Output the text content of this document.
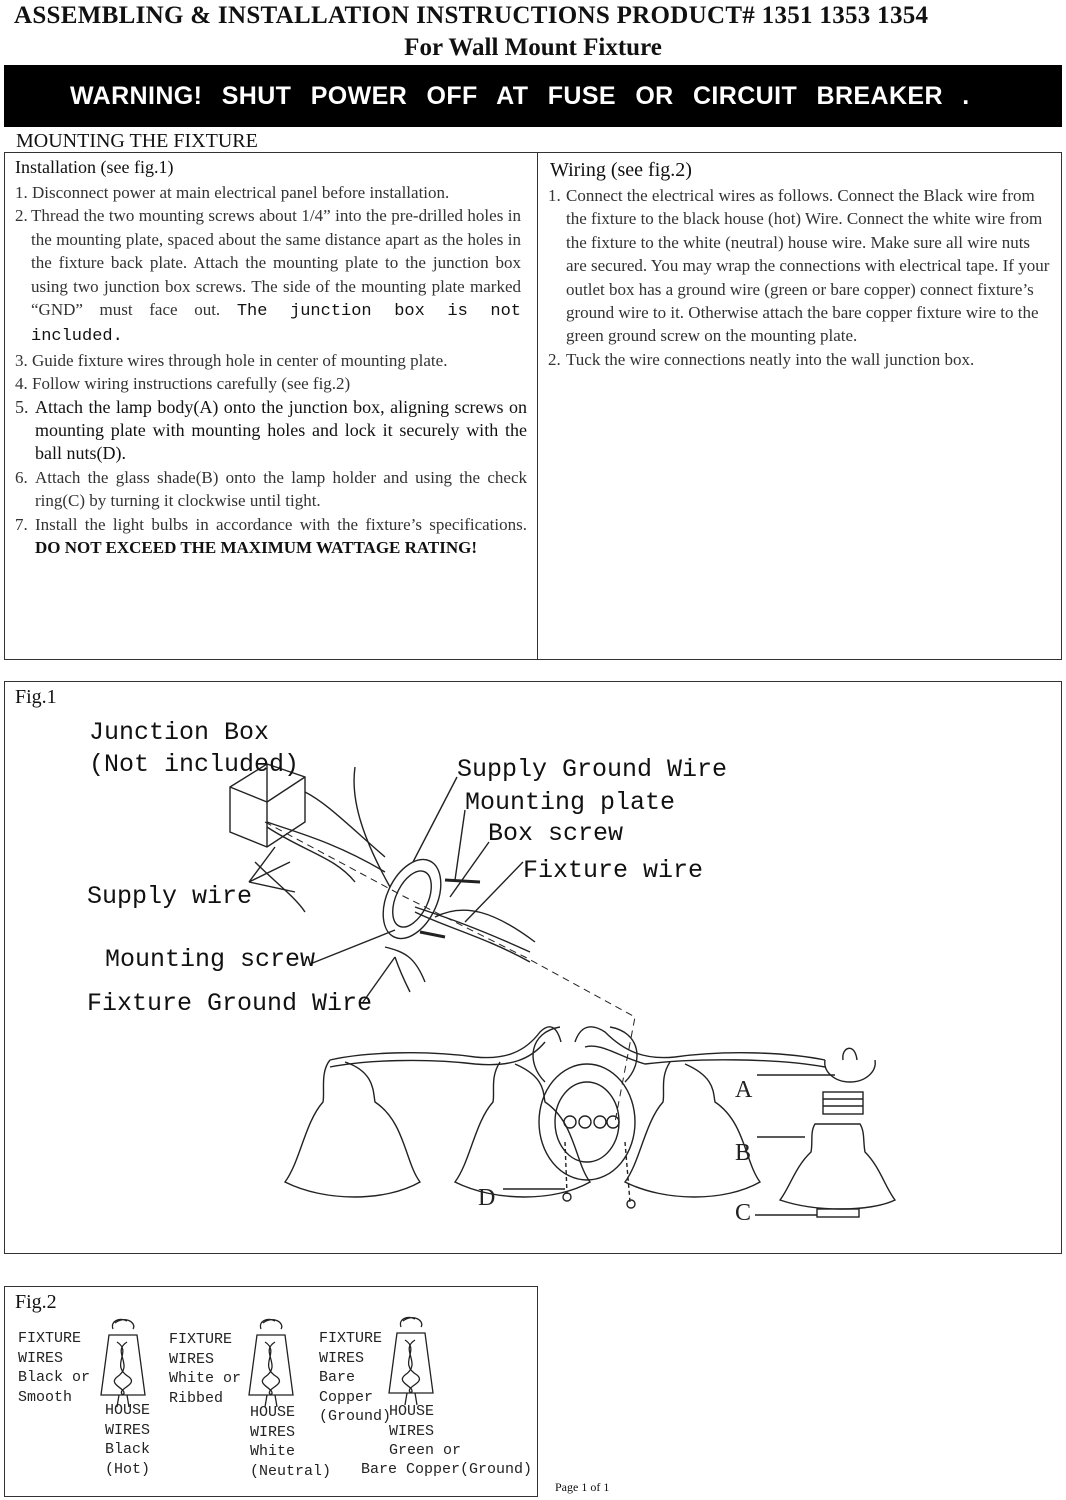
ASSEMBLING & INSTALLATION INSTRUCTIONS PRODUCT# 1351 1353 1354
For Wall Mount Fixture
WARNING! SHUT POWER OFF AT FUSE OR CIRCUIT BREAKER .
MOUNTING THE FIXTURE
Installation (see fig.1)
1. Disconnect power at main electrical panel before installation.
2. Thread the two mounting screws about 1/4” into the pre-drilled holes in the mounting plate, spaced about the same distance apart as the holes in the fixture back plate. Attach the mounting plate to the junction box using two junction box screws. The side of the mounting plate marked “GND” must face out. The junction box is not included.
3. Guide fixture wires through hole in center of mounting plate.
4. Follow wiring instructions carefully (see fig.2)
5. Attach the lamp body(A) onto the junction box, aligning screws on mounting plate with mounting holes and lock it securely with the ball nuts(D).
6. Attach the glass shade(B) onto the lamp holder and using the check ring(C) by turning it clockwise until tight.
7. Install the light bulbs in accordance with the fixture’s specifications. DO NOT EXCEED THE MAXIMUM WATTAGE RATING!
Wiring (see fig.2)
1. Connect the electrical wires as follows. Connect the Black wire from the fixture to the black house (hot) Wire. Connect the white wire from the fixture to the white (neutral) house wire. Make sure all wire nuts are secured. You may wrap the connections with electrical tape. If your outlet box has a ground wire (green or bare copper) connect fixture’s ground wire to it. Otherwise attach the bare copper fixture wire to the green ground screw on the mounting plate.
2. Tuck the wire connections neatly into the wall junction box.
Fig.1
Junction Box
(Not included)	Supply Ground Wire
Mounting plate
Box screw
Fixture wire
Supply wire
Mounting screw
Fixture Ground Wire
A
B
C
D
Fig.2
FIXTURE
WIRES
Black or
Smooth
HOUSE
WIRES
Black
(Hot)
FIXTURE
WIRES
White or
Ribbed
HOUSE
WIRES
White
(Neutral)
FIXTURE
WIRES
Bare
Copper
(Ground)
HOUSE
WIRES
Green or
Bare Copper(Ground)
Page 1 of 1
